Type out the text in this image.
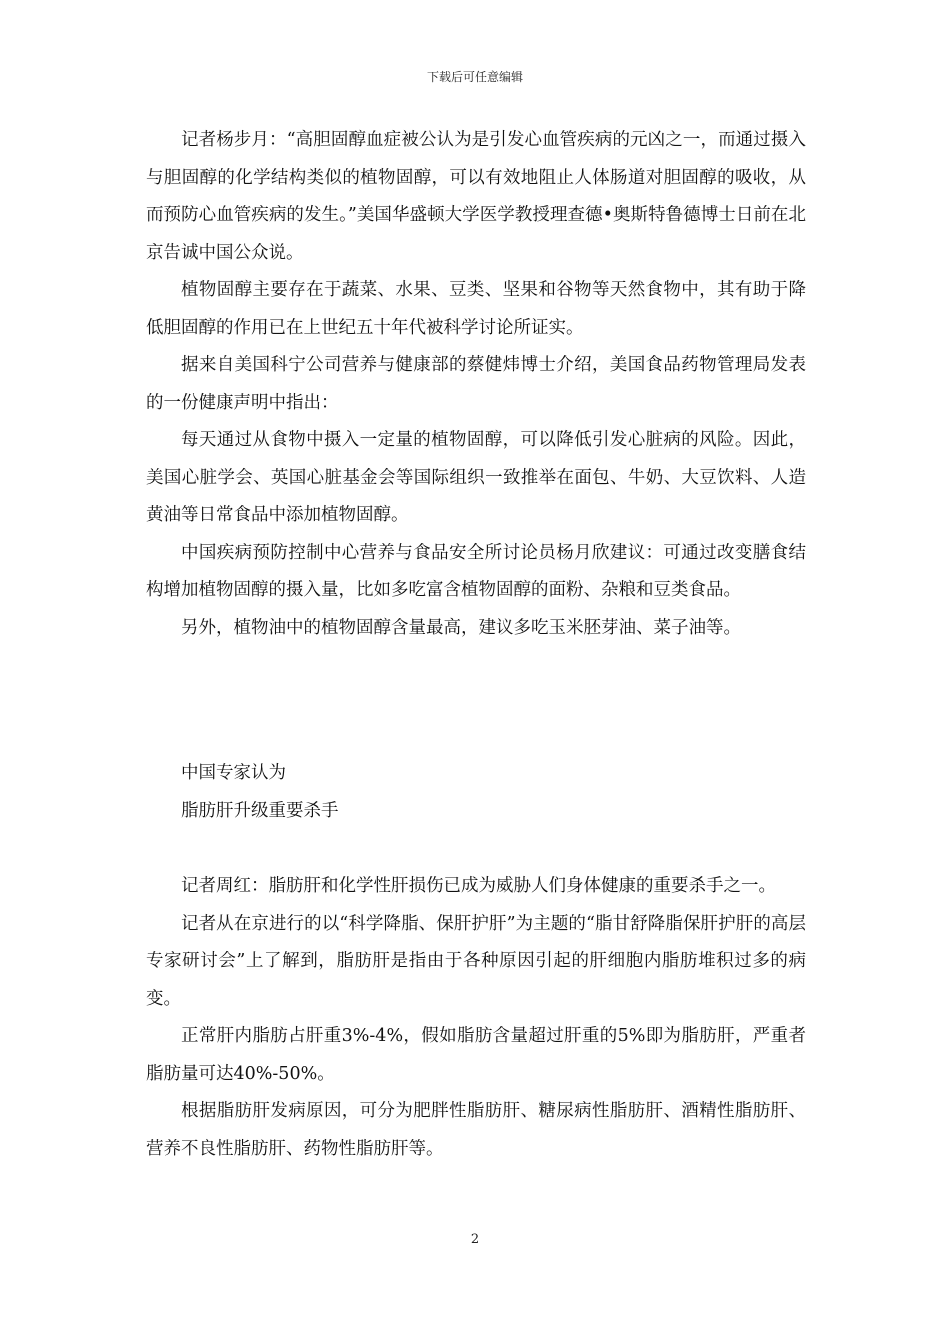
下载后可任意编辑

记者杨步月：“高胆固醇血症被公认为是引发心血管疾病的元凶之一，而通过摄入与胆固醇的化学结构类似的植物固醇，可以有效地阻止人体肠道对胆固醇的吸收，从而预防心血管疾病的发生。”美国华盛顿大学医学教授理查德•奥斯特鲁德博士日前在北京告诚中国公众说。

植物固醇主要存在于蔬菜、水果、豆类、坚果和谷物等天然食物中，其有助于降低胆固醇的作用已在上世纪五十年代被科学讨论所证实。

据来自美国科宁公司营养与健康部的蔡健炜博士介绍，美国食品药物管理局发表的一份健康声明中指出：

每天通过从食物中摄入一定量的植物固醇，可以降低引发心脏病的风险。因此，美国心脏学会、英国心脏基金会等国际组织一致推举在面包、牛奶、大豆饮料、人造黄油等日常食品中添加植物固醇。

中国疾病预防控制中心营养与食品安全所讨论员杨月欣建议：可通过改变膳食结构增加植物固醇的摄入量，比如多吃富含植物固醇的面粉、杂粮和豆类食品。

另外，植物油中的植物固醇含量最高，建议多吃玉米胚芽油、菜子油等。

中国专家认为
脂肪肝升级重要杀手

记者周红：脂肪肝和化学性肝损伤已成为威胁人们身体健康的重要杀手之一。

记者从在京进行的以“科学降脂、保肝护肝”为主题的“脂甘舒降脂保肝护肝的高层专家研讨会”上了解到，脂肪肝是指由于各种原因引起的肝细胞内脂肪堆积过多的病变。

正常肝内脂肪占肝重3%-4%，假如脂肪含量超过肝重的5%即为脂肪肝，严重者脂肪量可达40%-50%。

根据脂肪肝发病原因，可分为肥胖性脂肪肝、糖尿病性脂肪肝、酒精性脂肪肝、营养不良性脂肪肝、药物性脂肪肝等。

2
